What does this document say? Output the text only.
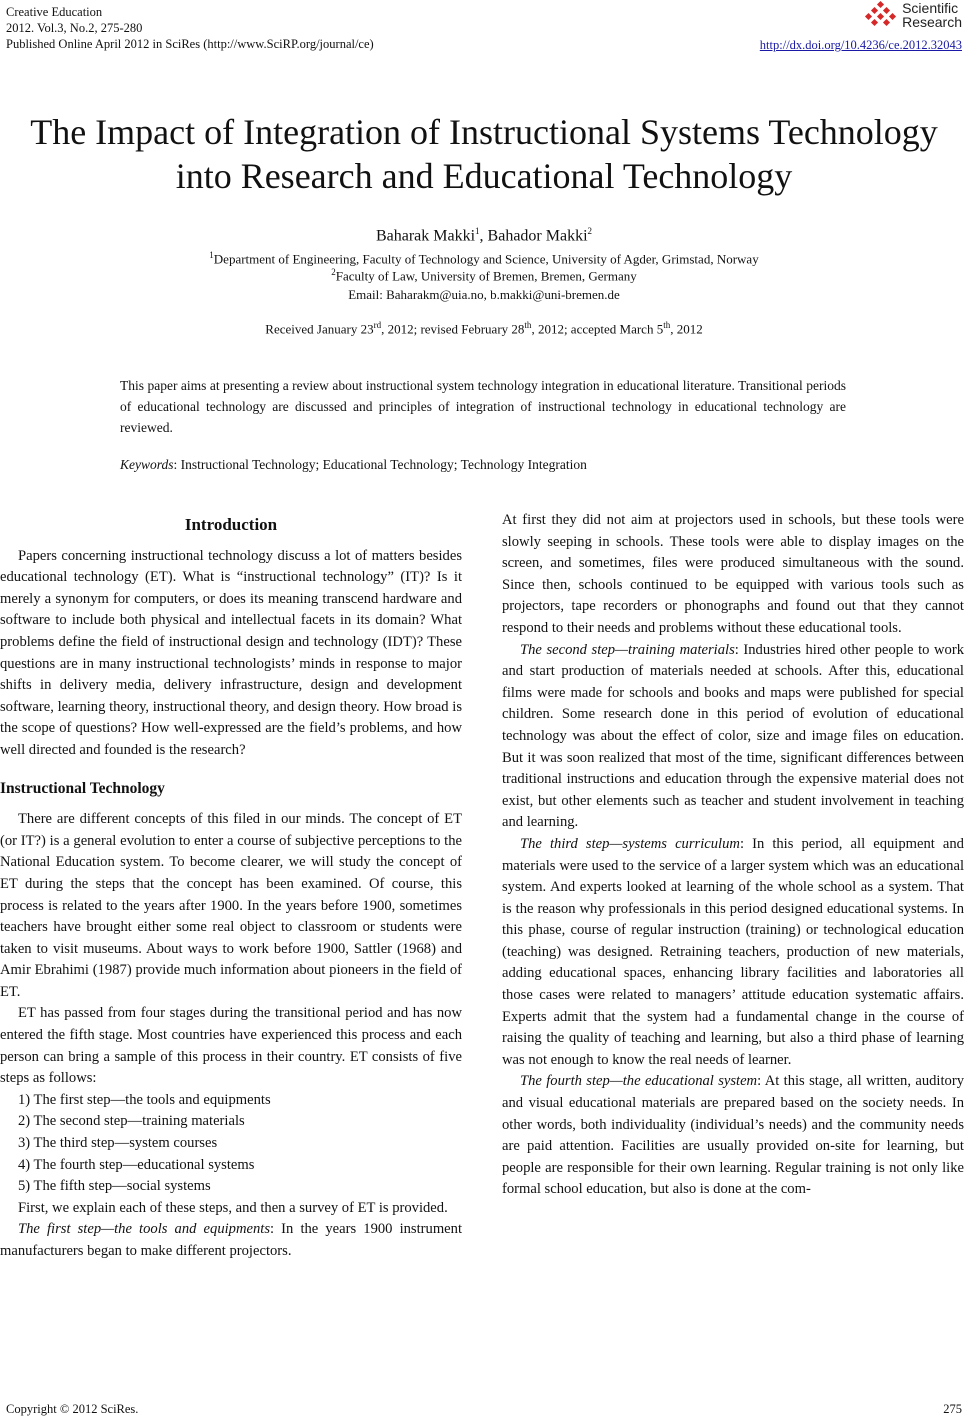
Creative Education
2012. Vol.3, No.2, 275-280
Published Online April 2012 in SciRes (http://www.SciRP.org/journal/ce)
Scientific
Research
http://dx.doi.org/10.4236/ce.2012.32043
The Impact of Integration of Instructional Systems Technology
into Research and Educational Technology
Baharak Makki$^1$, Bahador Makki$^2$
$^1$Department of Engineering, Faculty of Technology and Science, University of Agder, Grimstad, Norway
$^2$Faculty of Law, University of Bremen, Bremen, Germany
Email: Baharakm@uia.no, b.makki@uni-bremen.de
Received January 23rd, 2012; revised February 28th, 2012; accepted March 5th, 2012
This paper aims at presenting a review about instructional system technology integration in educational literature. Transitional periods of educational technology are discussed and principles of integration of instructional technology in educational technology are reviewed.
Keywords: Instructional Technology; Educational Technology; Technology Integration
Introduction

Papers concerning instructional technology discuss a lot of matters besides educational technology (ET). What is “instructional technology” (IT)? Is it merely a synonym for computers, or does its meaning transcend hardware and software to include both physical and intellectual facets in its domain? What problems define the field of instructional design and technology (IDT)? These questions are in many instructional technologists’ minds in response to major shifts in delivery media, delivery infrastructure, design and development software, learning theory, instructional theory, and design theory. How broad is the scope of questions? How well-expressed are the field’s problems, and how well directed and founded is the research?

Instructional Technology

There are different concepts of this filed in our minds. The concept of ET (or IT?) is a general evolution to enter a course of subjective perceptions to the National Education system. To become clearer, we will study the concept of ET during the steps that the concept has been examined. Of course, this process is related to the years after 1900. In the years before 1900, sometimes teachers have brought either some real object to classroom or students were taken to visit museums. About ways to work before 1900, Sattler (1968) and Amir Ebrahimi (1987) provide much information about pioneers in the field of ET.

ET has passed from four stages during the transitional period and has now entered the fifth stage. Most countries have experienced this process and each person can bring a sample of this process in their country. ET consists of five steps as follows:

1) The first step—the tools and equipments

2) The second step—training materials

3) The third step—system courses

4) The fourth step—educational systems

5) The fifth step—social systems

First, we explain each of these steps, and then a survey of ET is provided.

The first step—the tools and equipments: In the years 1900 instrument manufacturers began to make different projectors.

At first they did not aim at projectors used in schools, but these tools were slowly seeping in schools. These tools were able to display images on the screen, and sometimes, files were produced simultaneous with the sound. Since then, schools continued to be equipped with various tools such as projectors, tape recorders or phonographs and found out that they cannot respond to their needs and problems without these educational tools.

The second step—training materials: Industries hired other people to work and start production of materials needed at schools. After this, educational films were made for schools and books and maps were published for special children. Some research done in this period of evolution of educational technology was about the effect of color, size and image files on education. But it was soon realized that most of the time, significant differences between traditional instructions and education through the expensive material does not exist, but other elements such as teacher and student involvement in teaching and learning.

The third step—systems curriculum: In this period, all equipment and materials were used to the service of a larger system which was an educational system. And experts looked at learning of the whole school as a system. That is the reason why professionals in this period designed educational systems. In this phase, course of regular instruction (training) or technological education (teaching) was designed. Retraining teachers, production of new materials, adding educational spaces, enhancing library facilities and laboratories all those cases were related to managers’ attitude education systematic affairs. Experts admit that the system had a fundamental change in the course of raising the quality of teaching and learning, but also a third phase of learning was not enough to know the real needs of learner.

The fourth step—the educational system: At this stage, all written, auditory and visual educational materials are prepared based on the society needs. In other words, both individuality (individual’s needs) and the community needs are paid attention. Facilities are usually provided on-site for learning, but people are responsible for their own learning. Regular training is not only like formal school education, but also is done at the com-

Copyright © 2012 SciRes.	275
